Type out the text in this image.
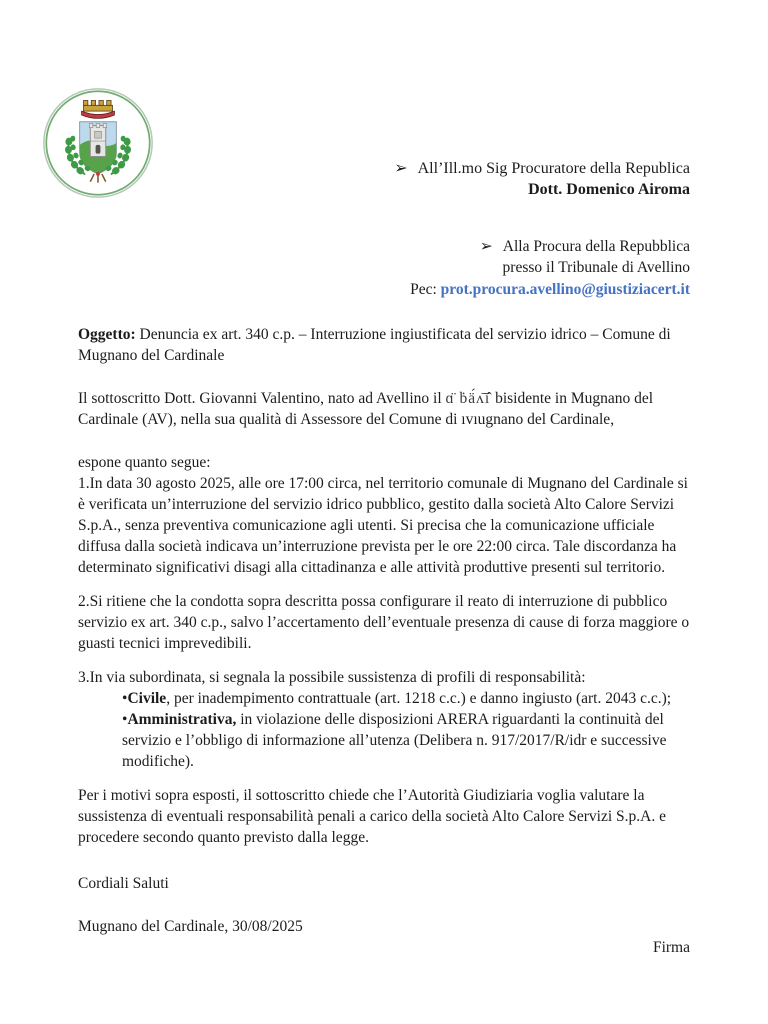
➢ All’Ill.mo Sig Procuratore della Republica
Dott. Domenico Airoma
➢ Alla Procura della Repubblica
presso il Tribunale di Avellino
Pec: prot.procura.avellino@giustiziacert.it
Oggetto: Denuncia ex art. 340 c.p. – Interruzione ingiustificata del servizio idrico – Comune di Mugnano del Cardinale
Il sottoscritto Dott. Giovanni Valentino, nato ad Avellino il ɑ̈ ḃä́ʌ̄ī̂ bisidente in Mugnano del Cardinale (AV), nella sua qualità di Assessore del Comune di ıvıugnano del Cardinale,
espone quanto segue:
1.In data 30 agosto 2025, alle ore 17:00 circa, nel territorio comunale di Mugnano del Cardinale si è verificata un’interruzione del servizio idrico pubblico, gestito dalla società Alto Calore Servizi S.p.A., senza preventiva comunicazione agli utenti. Si precisa che la comunicazione ufficiale diffusa dalla società indicava un’interruzione prevista per le ore 22:00 circa. Tale discordanza ha determinato significativi disagi alla cittadinanza e alle attività produttive presenti sul territorio.
2.Si ritiene che la condotta sopra descritta possa configurare il reato di interruzione di pubblico servizio ex art. 340 c.p., salvo l’accertamento dell’eventuale presenza di cause di forza maggiore o guasti tecnici imprevedibili.
3.In via subordinata, si segnala la possibile sussistenza di profili di responsabilità:
•Civile, per inadempimento contrattuale (art. 1218 c.c.) e danno ingiusto (art. 2043 c.c.);
•Amministrativa, in violazione delle disposizioni ARERA riguardanti la continuità del servizio e l’obbligo di informazione all’utenza (Delibera n. 917/2017/R/idr e successive modifiche).
Per i motivi sopra esposti, il sottoscritto chiede che l’Autorità Giudiziaria voglia valutare la sussistenza di eventuali responsabilità penali a carico della società Alto Calore Servizi S.p.A. e procedere secondo quanto previsto dalla legge.
Cordiali Saluti
Mugnano del Cardinale, 30/08/2025
Firma
